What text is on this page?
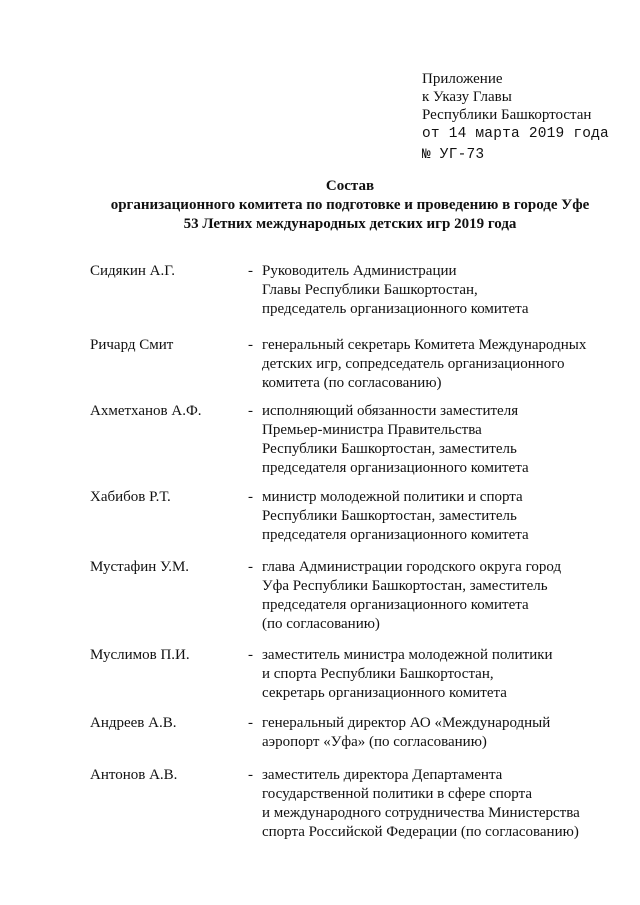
Приложение
к Указу Главы
Республики Башкортостан
от 14 марта 2019 года
№ УГ-73
Состав
организационного комитета по подготовке и проведению в городе Уфе
53 Летних международных детских игр 2019 года
Сидякин А.Г.	- Руководитель Администрации
Главы Республики Башкортостан,
председатель организационного комитета
Ричард Смит	- генеральный секретарь Комитета Международных
детских игр, сопредседатель организационного
комитета (по согласованию)
Ахметханов А.Ф.	- исполняющий обязанности заместителя
Премьер-министра Правительства
Республики Башкортостан, заместитель
председателя организационного комитета
Хабибов Р.Т.	- министр молодежной политики и спорта
Республики Башкортостан, заместитель
председателя организационного комитета
Мустафин У.М.	- глава Администрации городского округа город
Уфа Республики Башкортостан, заместитель
председателя организационного комитета
(по согласованию)
Муслимов П.И.	- заместитель министра молодежной политики
и спорта Республики Башкортостан,
секретарь организационного комитета
Андреев А.В.	- генеральный директор АО «Международный
аэропорт «Уфа» (по согласованию)
Антонов А.В.	- заместитель директора Департамента
государственной политики в сфере спорта
и международного сотрудничества Министерства
спорта Российской Федерации (по согласованию)
